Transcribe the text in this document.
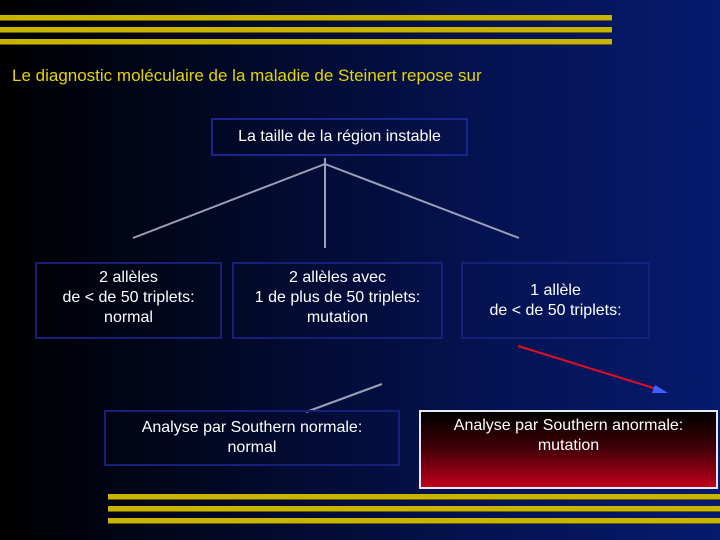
Le diagnostic moléculaire de la maladie de Steinert repose sur
La taille de la région instable
2 allèles
de < de 50 triplets:
normal
2 allèles avec
1 de plus de 50 triplets:
mutation
1 allèle
de < de 50 triplets:
Analyse par Southern normale:
normal
Analyse par Southern anormale:
mutation
